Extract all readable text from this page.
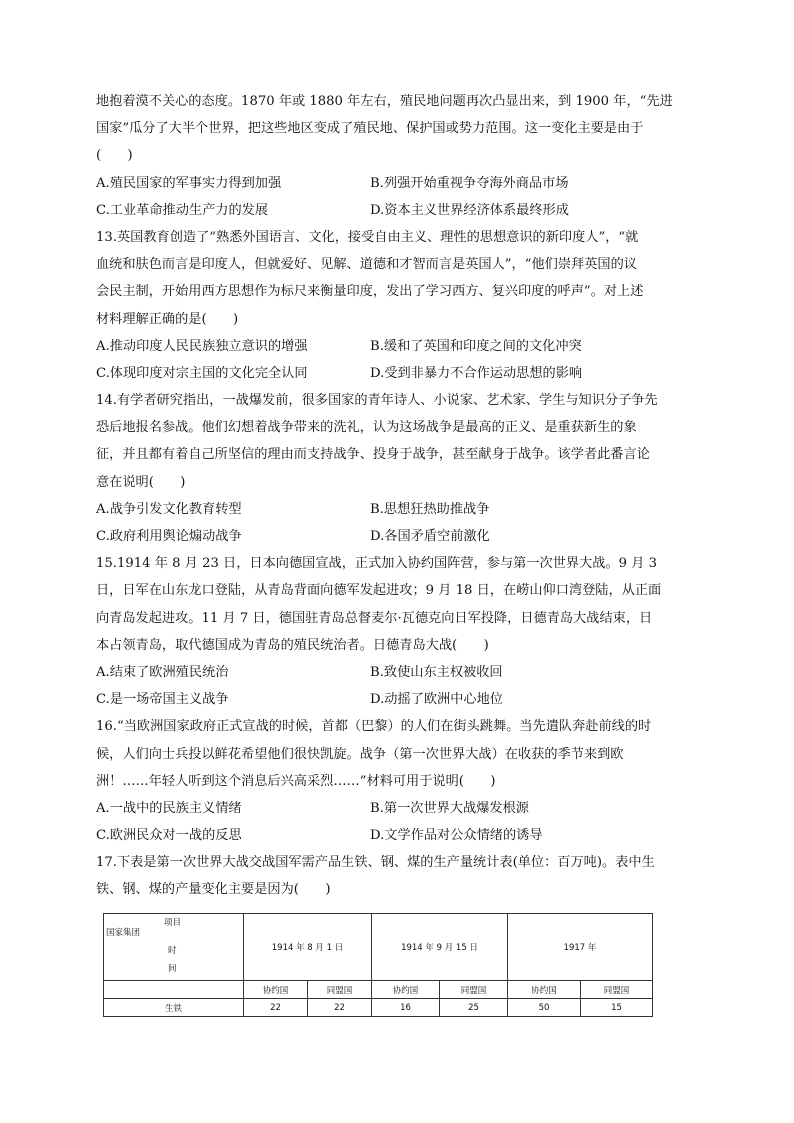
地抱着漠不关心的态度。1870 年或 1880 年左右，殖民地问题再次凸显出来，到 1900 年，“先进
国家”瓜分了大半个世界，把这些地区变成了殖民地、保护国或势力范围。这一变化主要是由于
(　　)
A.殖民国家的军事实力得到加强	B.列强开始重视争夺海外商品市场
C.工业革命推动生产力的发展	D.资本主义世界经济体系最终形成
13.英国教育创造了“熟悉外国语言、文化，接受自由主义、理性的思想意识的新印度人”，“就
血统和肤色而言是印度人，但就爱好、见解、道德和才智而言是英国人”，“他们崇拜英国的议
会民主制，开始用西方思想作为标尺来衡量印度，发出了学习西方、复兴印度的呼声”。对上述
材料理解正确的是(　　)
A.推动印度人民民族独立意识的增强	B.缓和了英国和印度之间的文化冲突
C.体现印度对宗主国的文化完全认同	D.受到非暴力不合作运动思想的影响
14.有学者研究指出，一战爆发前，很多国家的青年诗人、小说家、艺术家、学生与知识分子争先
恐后地报名参战。他们幻想着战争带来的洗礼，认为这场战争是最高的正义、是重获新生的象
征，并且都有着自己所坚信的理由而支持战争、投身于战争，甚至献身于战争。该学者此番言论
意在说明(　　)
A.战争引发文化教育转型	B.思想狂热助推战争
C.政府利用舆论煽动战争	D.各国矛盾空前激化
15.1914 年 8 月 23 日，日本向德国宣战，正式加入协约国阵营，参与第一次世界大战。9 月 3
日，日军在山东龙口登陆，从青岛背面向德军发起进攻；9 月 18 日，在崂山仰口湾登陆，从正面
向青岛发起进攻。11 月 7 日，德国驻青岛总督麦尔·瓦德克向日军投降，日德青岛大战结束，日
本占领青岛，取代德国成为青岛的殖民统治者。日德青岛大战(　　)
A.结束了欧洲殖民统治	B.致使山东主权被收回
C.是一场帝国主义战争	D.动摇了欧洲中心地位
16.“当欧洲国家政府正式宣战的时候，首都（巴黎）的人们在街头跳舞。当先遣队奔赴前线的时
候，人们向士兵投以鲜花希望他们很快凯旋。战争（第一次世界大战）在收获的季节来到欧
洲！……年轻人听到这个消息后兴高采烈……”材料可用于说明(　　)
A.一战中的民族主义情绪	B.第一次世界大战爆发根源
C.欧洲民众对一战的反思	D.文学作品对公众情绪的诱导
17.下表是第一次世界大战交战国军需产品生铁、钢、煤的生产量统计表(单位：百万吨)。表中生
铁、钢、煤的产量变化主要是因为(　　)
项目
国家集团
时
间	1914 年 8 月 1 日		1914 年 9 月 15 日		1917 年	
	协约国	同盟国	协约国	同盟国	协约国	同盟国
生铁	22	22	16	25	50	15
